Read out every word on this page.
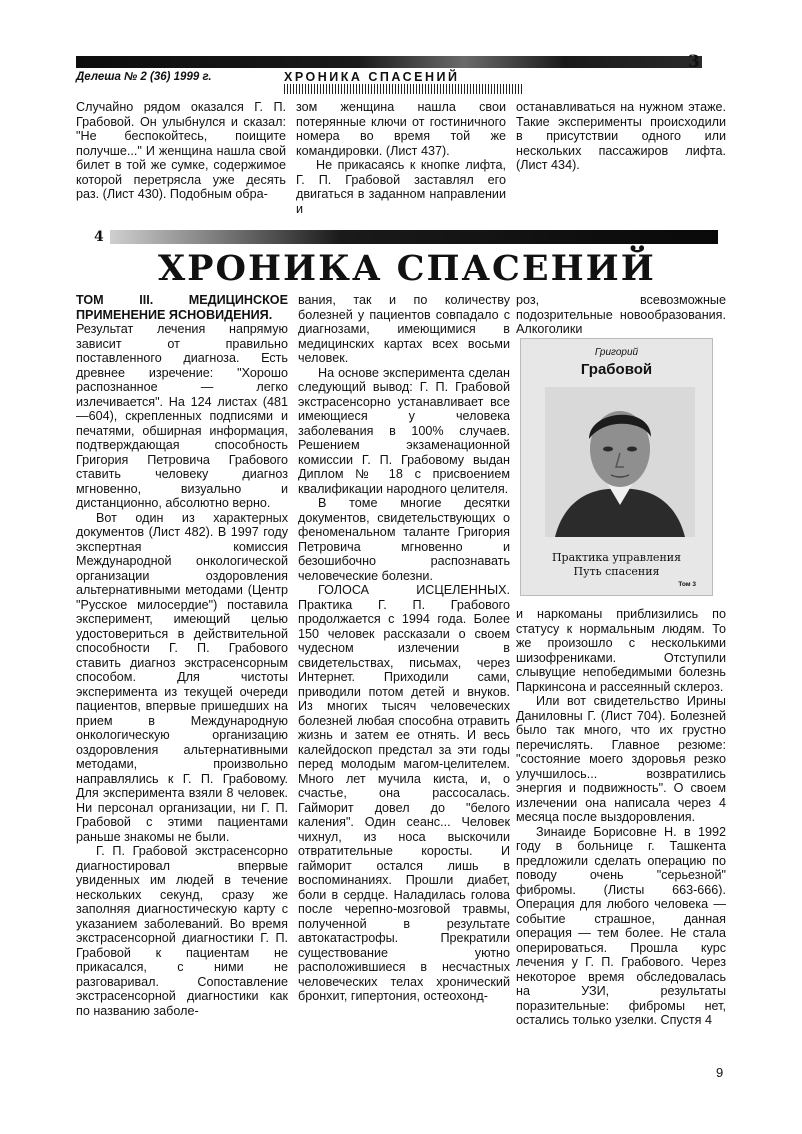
3
Делеша № 2 (36) 1999 г.	ХРОНИКА СПАСЕНИЙ

Случайно рядом оказался Г. П. Грабовой. Он улыбнулся и сказал: "Не беспокойтесь, поищите получше..." И женщина нашла свой билет в той же сумке, содержимое которой перетрясла уже десять раз. (Лист 430). Подобным обра-

зом женщина нашла свои потерянные ключи от гостиничного номера во время той же командировки. (Лист 437).

Не прикасаясь к кнопке лифта, Г. П. Грабовой заставлял его двигаться в заданном направлении и

останавливаться на нужном этаже. Такие эксперименты происходили в присутствии одного или нескольких пассажиров лифта. (Лист 434).

4
ХРОНИКА СПАСЕНИЙ

ТОМ III. МЕДИЦИНСКОЕ ПРИМЕНЕНИЕ ЯСНОВИДЕНИЯ.

Результат лечения напрямую зависит от правильно поставленного диагноза. Есть древнее изречение: "Хорошо распознанное — легко излечивается". На 124 листах (481—604), скрепленных подписями и печатями, обширная информация, подтверждающая способность Григория Петровича Грабового ставить человеку диагноз мгновенно, визуально и дистанционно, абсолютно верно.

Вот один из характерных документов (Лист 482). В 1997 году экспертная комиссия Международной онкологической организации оздоровления альтернативными методами (Центр "Русское милосердие") поставила эксперимент, имеющий целью удостовериться в действительной способности Г. П. Грабового ставить диагноз экстрасенсорным способом. Для чистоты эксперимента из текущей очереди пациентов, впервые пришедших на прием в Международную онкологическую организацию оздоровления альтернативными методами, произвольно направлялись к Г. П. Грабовому. Для эксперимента взяли 8 человек. Ни персонал организации, ни Г. П. Грабовой с этими пациентами раньше знакомы не были.

Г. П. Грабовой экстрасенсорно диагностировал впервые увиденных им людей в течение нескольких секунд, сразу же заполняя диагностическую карту с указанием заболеваний. Во время экстрасенсорной диагностики Г. П. Грабовой к пациентам не прикасался, с ними не разговаривал. Сопоставление экстрасенсорной диагностики как по названию заболе-

вания, так и по количеству болезней у пациентов совпадало с диагнозами, имеющимися в медицинских картах всех восьми человек.

На основе эксперимента сделан следующий вывод: Г. П. Грабовой экстрасенсорно устанавливает все имеющиеся у человека заболевания в 100% случаев. Решением экзаменационной комиссии Г. П. Грабовому выдан Диплом № 18 с присвоением квалификации народного целителя.

В томе многие десятки документов, свидетельствующих о феноменальном таланте Григория Петровича мгновенно и безошибочно распознавать человеческие болезни.

ГОЛОСА ИСЦЕЛЕННЫХ. Практика Г. П. Грабового продолжается с 1994 года. Более 150 человек рассказали о своем чудесном излечении в свидетельствах, письмах, через Интернет. Приходили сами, приводили потом детей и внуков. Из многих тысяч человеческих болезней любая способна отравить жизнь и затем ее отнять. И весь калейдоскоп предстал за эти годы перед молодым магом-целителем. Много лет мучила киста, и, о счастье, она рассосалась. Гайморит довел до "белого каления". Один сеанс... Человек чихнул, из носа выскочили отвратительные коросты. И гайморит остался лишь в воспоминаниях. Прошли диабет, боли в сердце. Наладилась голова после черепно-мозговой травмы, полученной в результате автокатастрофы. Прекратили существование уютно расположившиеся в несчастных человеческих телах хронический бронхит, гипертония, остеохонд-

роз, всевозможные подозрительные новообразования. Алкоголики

Григорий
Грабовой
Практика управления
Путь спасения
Том 3

и наркоманы приблизились по статусу к нормальным людям. То же произошло с несколькими шизофрениками. Отступили слывущие непобедимыми болезнь Паркинсона и рассеянный склероз.

Или вот свидетельство Ирины Даниловны Г. (Лист 704). Болезней было так много, что их грустно перечислять. Главное резюме: "состояние моего здоровья резко улучшилось... возвратились энергия и подвижность". О своем излечении она написала через 4 месяца после выздоровления.

Зинаиде Борисовне Н. в 1992 году в больнице г. Ташкента предложили сделать операцию по поводу очень "серьезной" фибромы. (Листы 663-666). Операция для любого человека — событие страшное, данная операция — тем более. Не стала оперироваться. Прошла курс лечения у Г. П. Грабового. Через некоторое время обследовалась на УЗИ, результаты поразительные: фибромы нет, остались только узелки. Спустя 4

9
